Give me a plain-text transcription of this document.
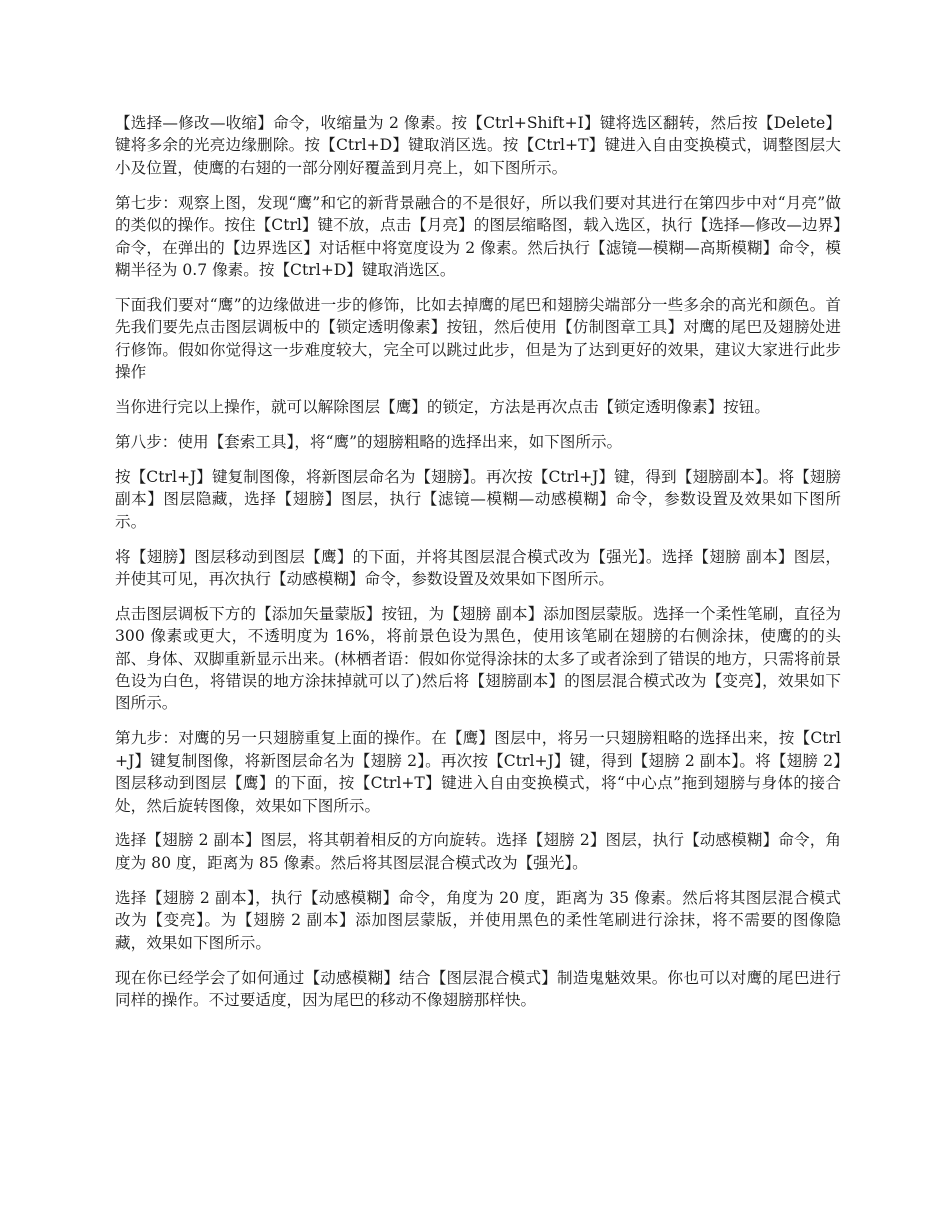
【选择—修改—收缩】命令，收缩量为 2 像素。按【Ctrl+Shift+I】键将选区翻转，然后按【Delete】键将多余的光亮边缘删除。按【Ctrl+D】键取消区选。按【Ctrl+T】键进入自由变换模式，调整图层大小及位置，使鹰的右翅的一部分刚好覆盖到月亮上，如下图所示。

第七步：观察上图，发现“鹰”和它的新背景融合的不是很好，所以我们要对其进行在第四步中对“月亮”做的类似的操作。按住【Ctrl】键不放，点击【月亮】的图层缩略图，载入选区，执行【选择—修改—边界】命令，在弹出的【边界选区】对话框中将宽度设为 2 像素。然后执行【滤镜—模糊—高斯模糊】命令，模糊半径为 0.7 像素。按【Ctrl+D】键取消选区。

下面我们要对“鹰”的边缘做进一步的修饰，比如去掉鹰的尾巴和翅膀尖端部分一些多余的高光和颜色。首先我们要先点击图层调板中的【锁定透明像素】按钮，然后使用【仿制图章工具】对鹰的尾巴及翅膀处进行修饰。假如你觉得这一步难度较大，完全可以跳过此步，但是为了达到更好的效果，建议大家进行此步操作

当你进行完以上操作，就可以解除图层【鹰】的锁定，方法是再次点击【锁定透明像素】按钮。

第八步：使用【套索工具】，将“鹰”的翅膀粗略的选择出来，如下图所示。

按【Ctrl+J】键复制图像，将新图层命名为【翅膀】。再次按【Ctrl+J】键，得到【翅膀副本】。将【翅膀 副本】图层隐藏，选择【翅膀】图层，执行【滤镜—模糊—动感模糊】命令，参数设置及效果如下图所示。

将【翅膀】图层移动到图层【鹰】的下面，并将其图层混合模式改为【强光】。选择【翅膀 副本】图层，并使其可见，再次执行【动感模糊】命令，参数设置及效果如下图所示。

点击图层调板下方的【添加矢量蒙版】按钮，为【翅膀 副本】添加图层蒙版。选择一个柔性笔刷，直径为 300 像素或更大，不透明度为 16%，将前景色设为黑色，使用该笔刷在翅膀的右侧涂抹，使鹰的的头部、身体、双脚重新显示出来。(林栖者语：假如你觉得涂抹的太多了或者涂到了错误的地方，只需将前景色设为白色，将错误的地方涂抹掉就可以了)然后将【翅膀副本】的图层混合模式改为【变亮】，效果如下图所示。

第九步：对鹰的另一只翅膀重复上面的操作。在【鹰】图层中，将另一只翅膀粗略的选择出来，按【Ctrl+J】键复制图像，将新图层命名为【翅膀 2】。再次按【Ctrl+J】键，得到【翅膀 2 副本】。将【翅膀 2】图层移动到图层【鹰】的下面，按【Ctrl+T】键进入自由变换模式，将“中心点”拖到翅膀与身体的接合处，然后旋转图像，效果如下图所示。

选择【翅膀 2 副本】图层，将其朝着相反的方向旋转。选择【翅膀 2】图层，执行【动感模糊】命令，角度为 80 度，距离为 85 像素。然后将其图层混合模式改为【强光】。

选择【翅膀 2 副本】，执行【动感模糊】命令，角度为 20 度，距离为 35 像素。然后将其图层混合模式改为【变亮】。为【翅膀 2 副本】添加图层蒙版，并使用黑色的柔性笔刷进行涂抹，将不需要的图像隐藏，效果如下图所示。

现在你已经学会了如何通过【动感模糊】结合【图层混合模式】制造鬼魅效果。你也可以对鹰的尾巴进行同样的操作。不过要适度，因为尾巴的移动不像翅膀那样快。
